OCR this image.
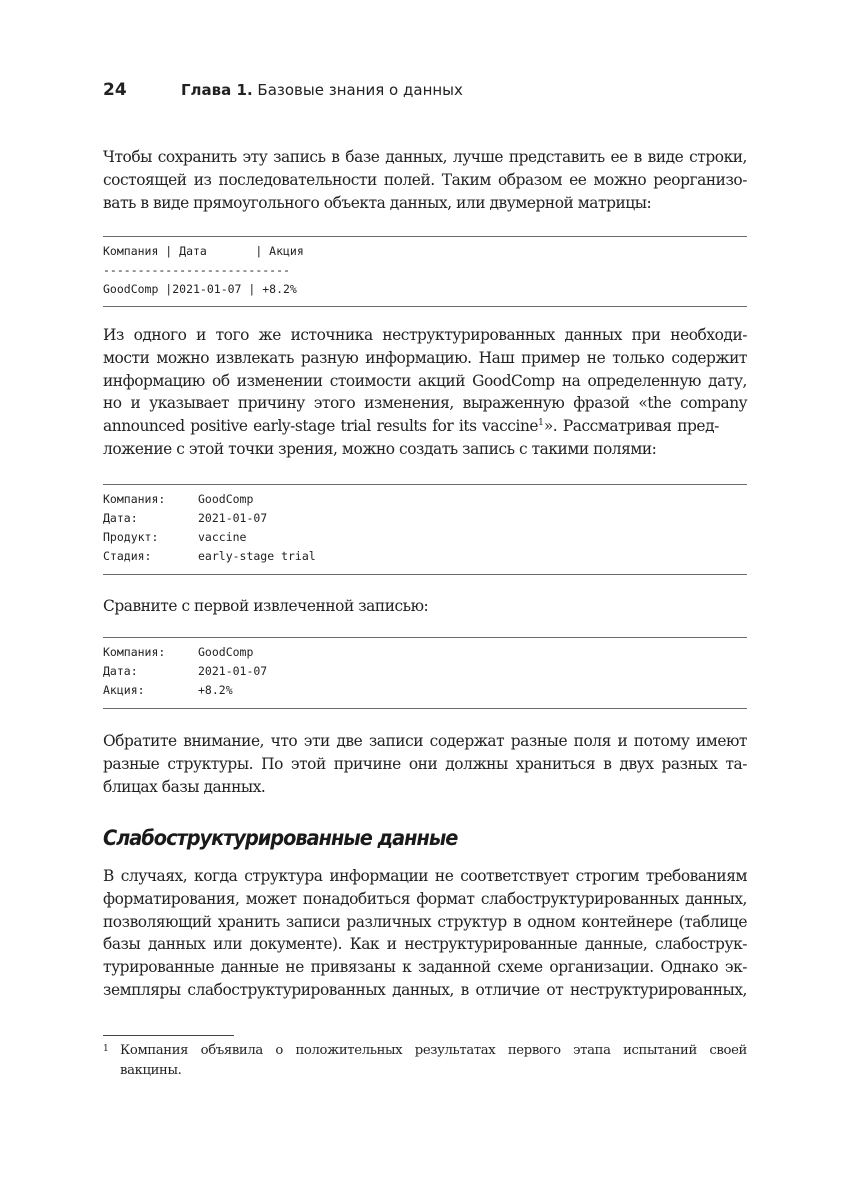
24	Глава 1. Базовые знания о данных

Чтобы сохранить эту запись в базе данных, лучше представить ее в виде строки,
состоящей из последовательности полей. Таким образом ее можно реорганизо-
вать в виде прямоугольного объекта данных, или двумерной матрицы:

Компания | Дата       | Акция
---------------------------
GoodComp |2021-01-07 | +8.2%

Из одного и того же источника неструктурированных данных при необходи-
мости можно извлекать разную информацию. Наш пример не только содержит
информацию об изменении стоимости акций GoodComp на определенную дату,
но и указывает причину этого изменения, выраженную фразой «the company
announced positive early-stage trial results for its vaccine$^1$». Рассматривая пред-
ложение с этой точки зрения, можно создать запись с такими полями:

Компания:	GoodComp
Дата:	2021-01-07
Продукт:	vaccine
Стадия:	early-stage trial

Сравните с первой извлеченной записью:

Компания:	GoodComp
Дата:	2021-01-07
Акция:	+8.2%

Обратите внимание, что эти две записи содержат разные поля и потому имеют
разные структуры. По этой причине они должны храниться в двух разных та-
блицах базы данных.

Слабоструктурированные данные

В случаях, когда структура информации не соответствует строгим требованиям
форматирования, может понадобиться формат слабоструктурированных данных,
позволяющий хранить записи различных структур в одном контейнере (таблице
базы данных или документе). Как и неструктурированные данные, слабострук-
турированные данные не привязаны к заданной схеме организации. Однако эк-
земпляры слабоструктурированных данных, в отличие от неструктурированных,

1 Компания объявила о положительных результатах первого этапа испытаний своей
вакцины.
